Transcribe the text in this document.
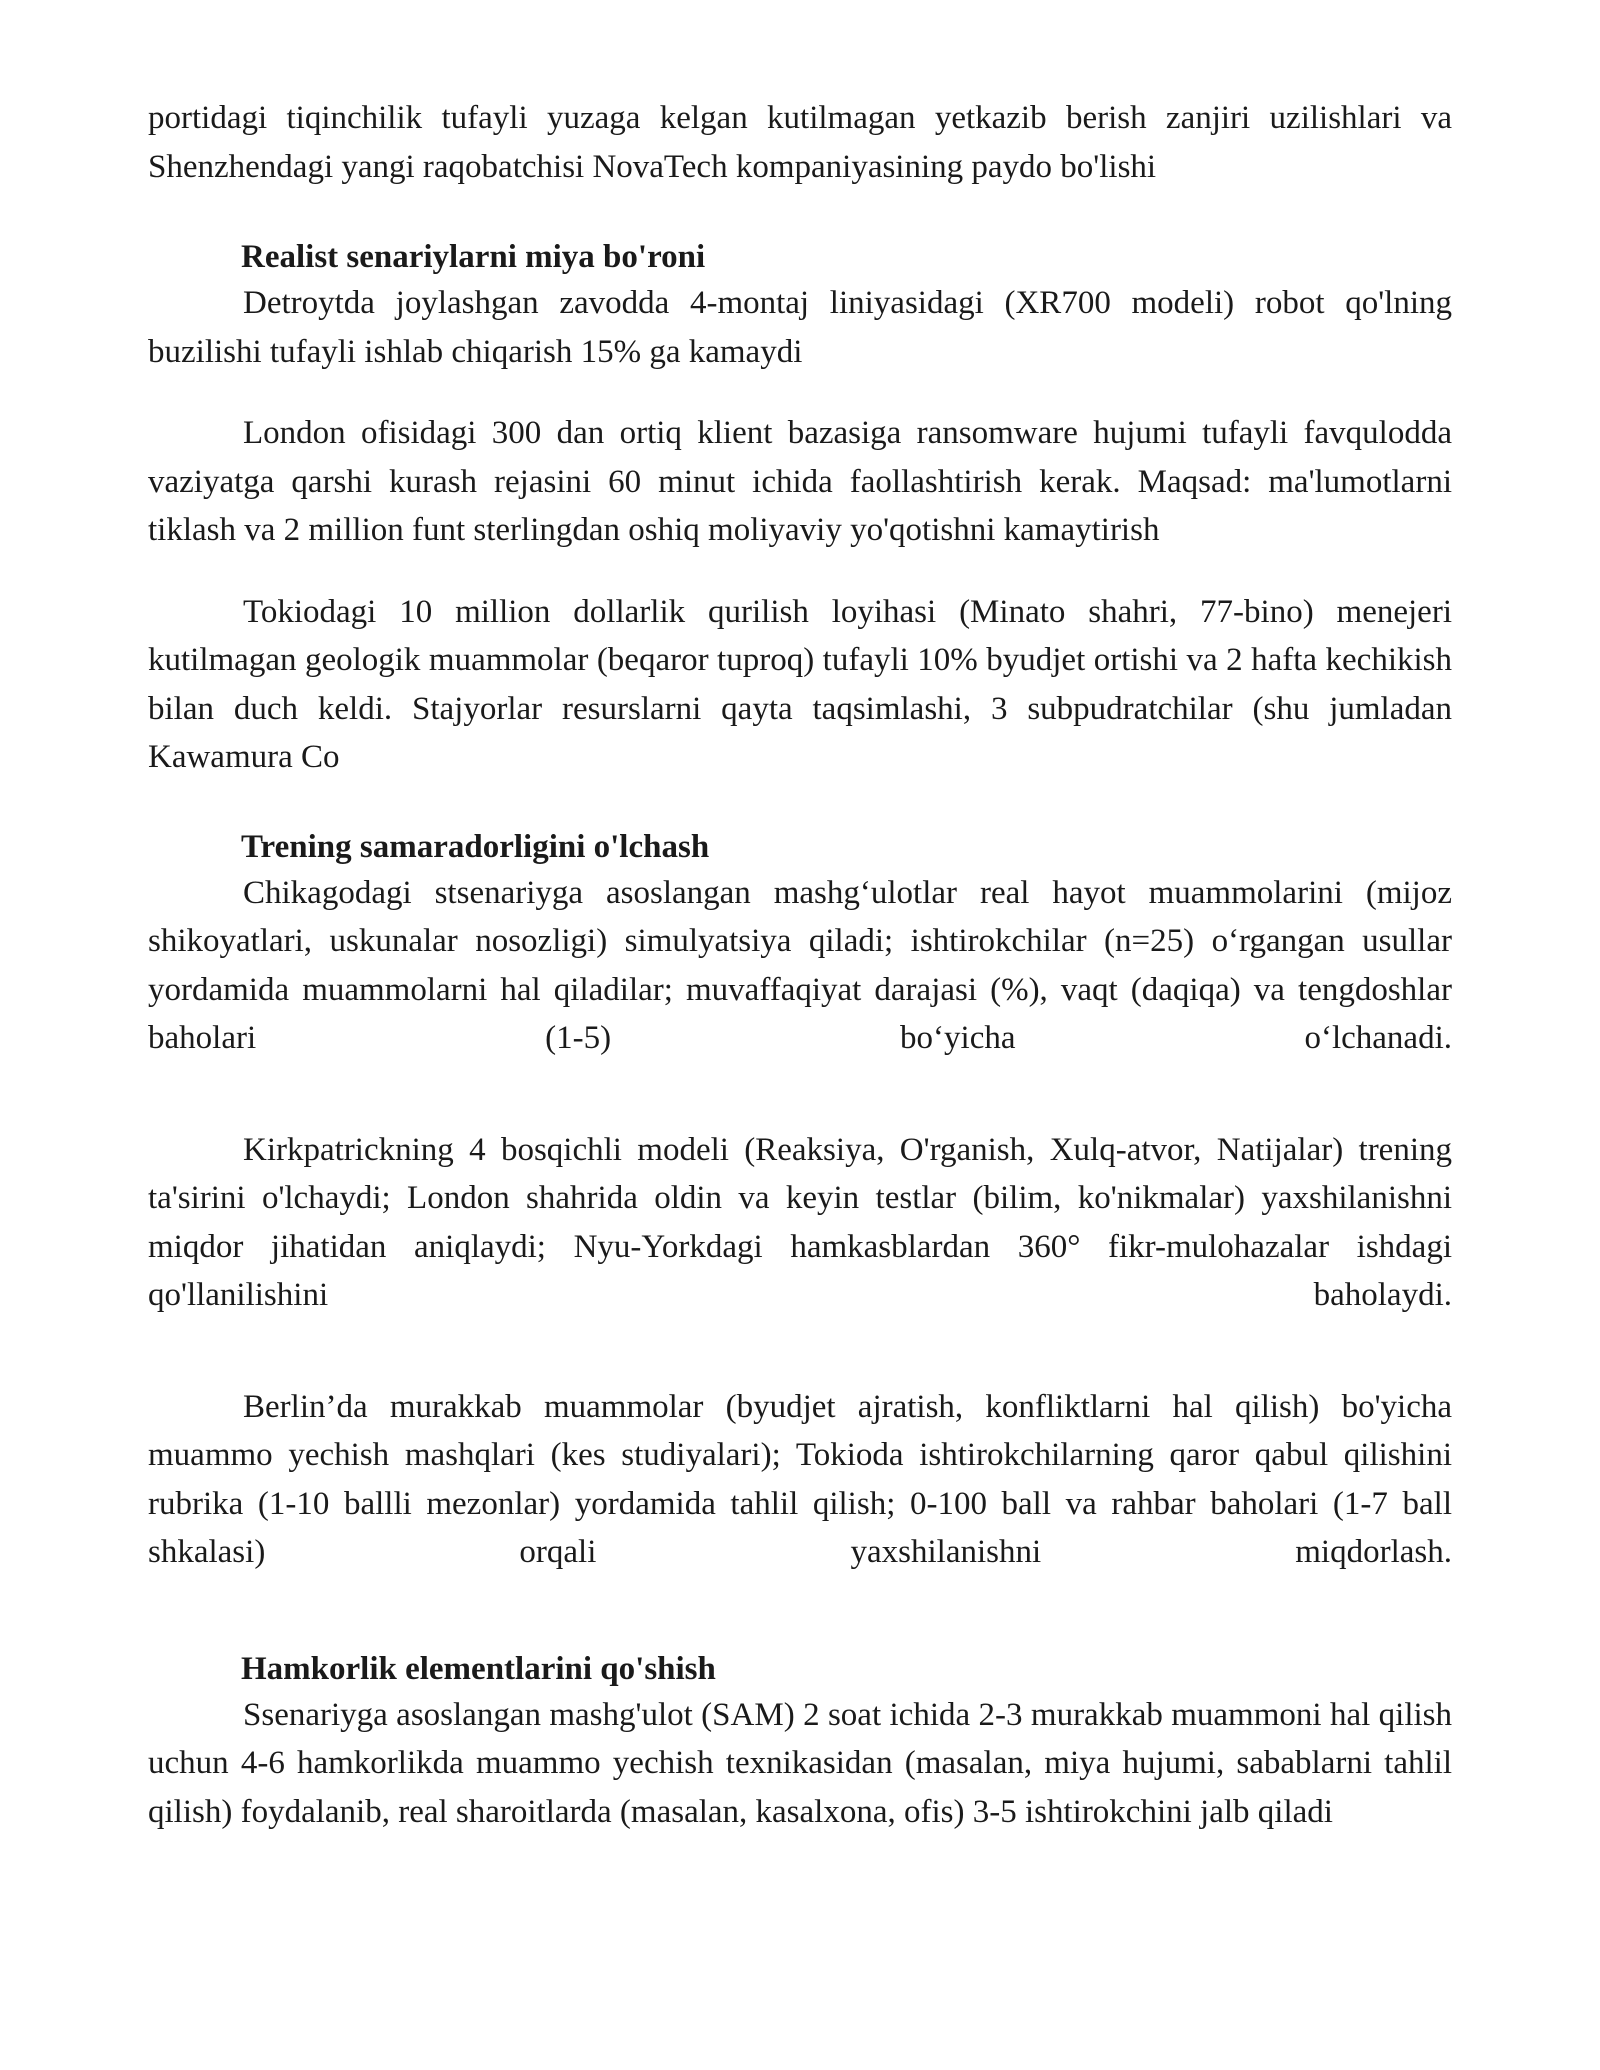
portidagi tiqinchilik tufayli yuzaga kelgan kutilmagan yetkazib berish zanjiri uzilishlari va Shenzhendagi yangi raqobatchisi NovaTech kompaniyasining paydo bo'lishi

Realist senariylarni miya bo'roni

Detroytda joylashgan zavodda 4-montaj liniyasidagi (XR700 modeli) robot qo'lning buzilishi tufayli ishlab chiqarish 15% ga kamaydi

London ofisidagi 300 dan ortiq klient bazasiga ransomware hujumi tufayli favqulodda vaziyatga qarshi kurash rejasini 60 minut ichida faollashtirish kerak. Maqsad: ma'lumotlarni tiklash va 2 million funt sterlingdan oshiq moliyaviy yo'qotishni kamaytirish

Tokiodagi 10 million dollarlik qurilish loyihasi (Minato shahri, 77-bino) menejeri kutilmagan geologik muammolar (beqaror tuproq) tufayli 10% byudjet ortishi va 2 hafta kechikish bilan duch keldi. Stajyorlar resurslarni qayta taqsimlashi, 3 subpudratchilar (shu jumladan Kawamura Co

Trening samaradorligini o'lchash

Chikagodagi stsenariyga asoslangan mashg‘ulotlar real hayot muammolarini (mijoz shikoyatlari, uskunalar nosozligi) simulyatsiya qiladi; ishtirokchilar (n=25) o‘rgangan usullar yordamida muammolarni hal qiladilar; muvaffaqiyat darajasi (%), vaqt (daqiqa) va tengdoshlar baholari (1-5) bo‘yicha o‘lchanadi.

Kirkpatrickning 4 bosqichli modeli (Reaksiya, O'rganish, Xulq-atvor, Natijalar) trening ta'sirini o'lchaydi; London shahrida oldin va keyin testlar (bilim, ko'nikmalar) yaxshilanishni miqdor jihatidan aniqlaydi; Nyu-Yorkdagi hamkasblardan 360° fikr-mulohazalar ishdagi qo'llanilishini baholaydi.

Berlin’da murakkab muammolar (byudjet ajratish, konfliktlarni hal qilish) bo'yicha muammo yechish mashqlari (kes studiyalari); Tokioda ishtirokchilarning qaror qabul qilishini rubrika (1-10 ballli mezonlar) yordamida tahlil qilish; 0-100 ball va rahbar baholari (1-7 ball shkalasi) orqali yaxshilanishni miqdorlash.

Hamkorlik elementlarini qo'shish

Ssenariyga asoslangan mashg'ulot (SAM) 2 soat ichida 2-3 murakkab muammoni hal qilish uchun 4-6 hamkorlikda muammo yechish texnikasidan (masalan, miya hujumi, sabablarni tahlil qilish) foydalanib, real sharoitlarda (masalan, kasalxona, ofis) 3-5 ishtirokchini jalb qiladi
